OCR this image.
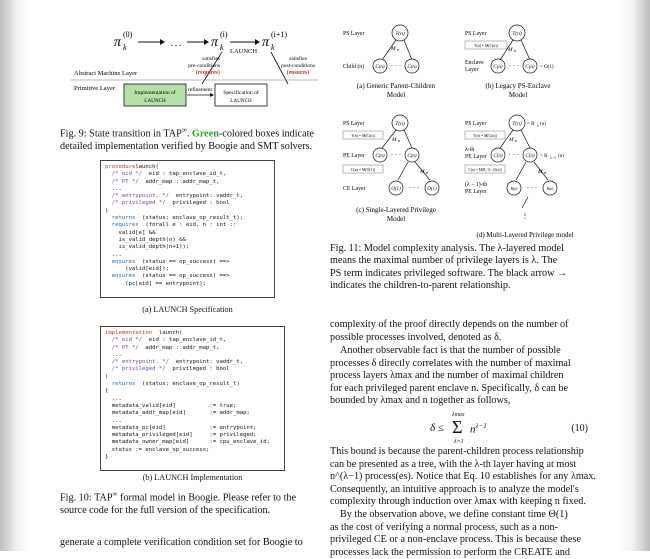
π
(0)
k	… π
(i)
k LAUNCH
π
(i+1)
k
satisfies
pre-conditions
(requires)
satisfies
post-conditions
(ensures)
Abstract Machine Layer
Primitive Layer
Implementation of
LAUNCH
refinement Specification of
LAUNCH
Fig. 9: State transition in TAP∞. Green-colored boxes indicate
detailed implementation verified by Boogie and SMT solvers.
procedurelaunch(
/* eid */  eid : tap_enclave_id_t,
/* PT */  addr_map : addr_map_t,
...
/* entrypoint. */  entrypoint: vaddr_t,
/* privileged */  privileged : bool
)
returns  (status: enclave_op_result_t);
requires  (forall e : eid, n : int ::
valid[e] &&
is_valid_depth(n) &&
is_valid_depth(n+1));
...
ensures  (status == op_success) ==>
(valid[eid]);
ensures  (status == op_success) ==>
(pc[eid] == entrypoint);
(a) LAUNCH Specification
implementation  launch(
/* eid */  eid : tap_enclave_id_t,
/* PT */  addr_map : addr_map_t,
...
/* entrypoint. */  entrypoint: vaddr_t,
/* privileged */  privileged : bool
)
returns  (status: enclave_op_result_t)
{
...
metadata_valid[eid]          := true;
metadata_addr_map[eid]       := addr_map;
...
metadata_pc[eid]             := entrypoint;
metadata_privileged[eid]     := privileged;
metadata_owner_map[eid]      := cpu_enclave_id;
status := enclave_op_success;
}
(b) LAUNCH Implementation
Fig. 10: TAP∞ formal model in Boogie. Please refer to the
source code for the full version of the specification.
generate a complete verification condition set for Boogie to
PS Layer	T(n)
M n
Child (n) C(n) · · · C(n)
(a) Generic Parent-Children
Model
PS Layer	T(n)
T(n) = M(C(n))
M n
Enclave
Layer	C(n) · · · C(n) = O(1)
(b) Legacy PS-Enclave
Model
PS Layer	T(n)
T(n) = M(C(n))
M n
PE Layer C(n) · · · C(n)
C(n) = M(O(1))	M n
CE Layer	O(1) · · · O(1)
(c) Single-Layered Privilege
Model
PS Layer	T(n) = R λ (n)
T(n) = M(C(n))
M n
λ-th
PE Layer C(n) · · · C(n) = R λ−1 (n)
C(n) = M(R_{λ−2}(n))	M n
(λ − 1)-th
PE Layer	R(n) · · ·	R(n)
⋮
(d) Multi-Layered Privilege model
Fig. 11: Model complexity analysis. The λ-layered model
means the maximal number of privilege layers is λ. The
PS term indicates privileged software. The black arrow →
indicates the children-to-parent relationship.
complexity of the proof directly depends on the number of
possible processes involved, denoted as δ.
Another observable fact is that the number of possible
processes δ directly correlates with the number of maximal
process layers λmax and the number of maximal children
for each privileged parent enclave n. Specifically, δ can be
bounded by λmax and n together as follows,
δ ≤
λmax
Σ
λ=1
$n^{\lambda-1}$	(10)
This bound is because the parent-children process relationship
can be presented as a tree, with the λ-th layer having at most
n^(λ−1) process(es). Notice that Eq. 10 establishes for any λmax.
Consequently, an intuitive approach is to analyze the model's
complexity through induction over λmax with keeping n fixed.
By the observation above, we define constant time Θ(1)
as the cost of verifying a normal process, such as a non-
privileged CE or a non-enclave process. This is because these
processes lack the permission to perform the CREATE and
